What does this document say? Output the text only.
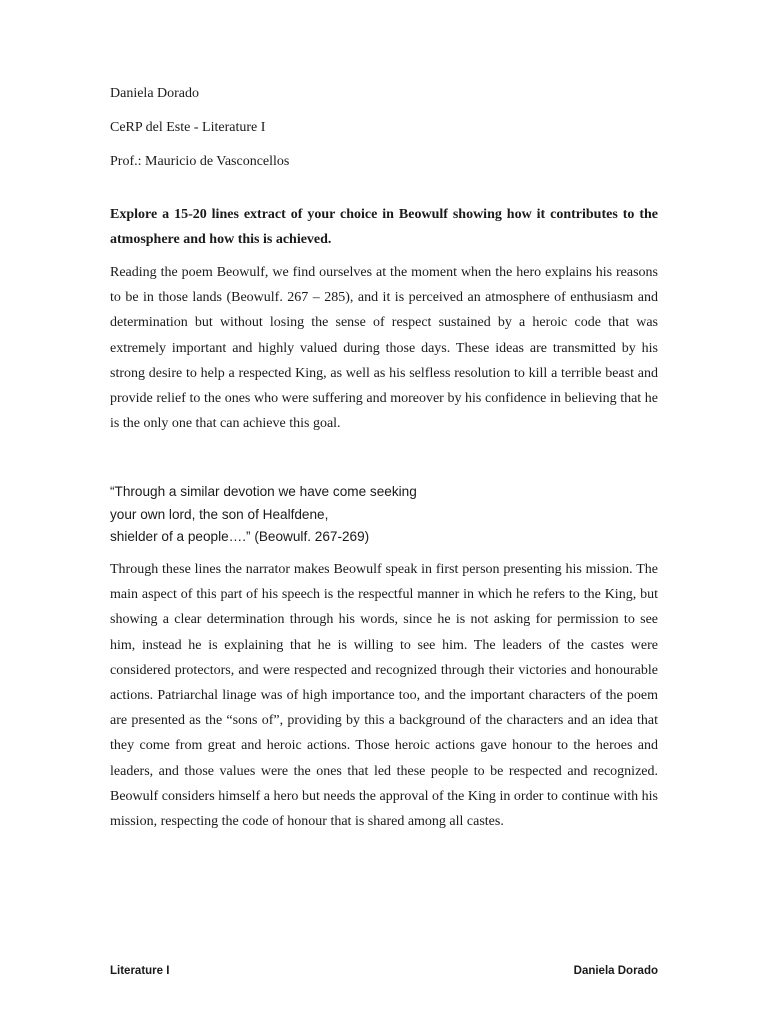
Daniela Dorado
CeRP del Este - Literature I
Prof.: Mauricio de Vasconcellos
Explore a 15-20 lines extract of your choice in Beowulf showing how it contributes to the atmosphere and how this is achieved.

Reading the poem Beowulf, we find ourselves at the moment when the hero explains his reasons to be in those lands (Beowulf. 267 – 285), and it is perceived an atmosphere of enthusiasm and determination but without losing the sense of respect sustained by a heroic code that was extremely important and highly valued during those days. These ideas are transmitted by his strong desire to help a respected King, as well as his selfless resolution to kill a terrible beast and provide relief to the ones who were suffering and moreover by his confidence in believing that he is the only one that can achieve this goal.

“Through a similar devotion we have come seeking
your own lord, the son of Healfdene,
shielder of a people….” (Beowulf. 267-269)

Through these lines the narrator makes Beowulf speak in first person presenting his mission. The main aspect of this part of his speech is the respectful manner in which he refers to the King, but showing a clear determination through his words, since he is not asking for permission to see him, instead he is explaining that he is willing to see him. The leaders of the castes were considered protectors, and were respected and recognized through their victories and honourable actions. Patriarchal linage was of high importance too, and the important characters of the poem are presented as the “sons of”, providing by this a background of the characters and an idea that they come from great and heroic actions. Those heroic actions gave honour to the heroes and leaders, and those values were the ones that led these people to be respected and recognized. Beowulf considers himself a hero but needs the approval of the King in order to continue with his mission, respecting the code of honour that is shared among all castes.

Literature I	Daniela Dorado
